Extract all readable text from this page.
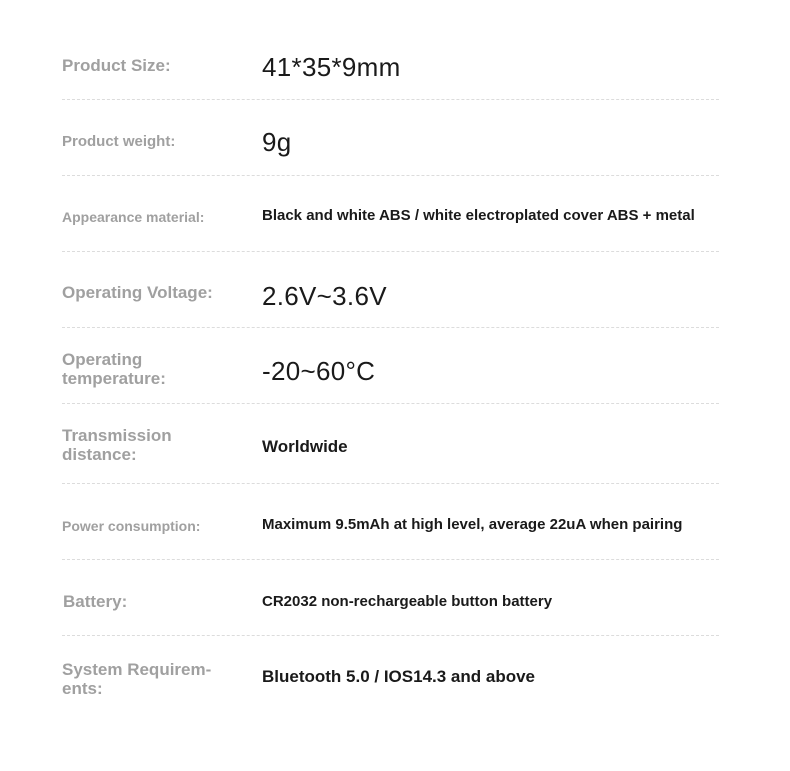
Product Size:	41*35*9mm
Product weight:	9g
Appearance material:	Black and white ABS / white electroplated cover ABS + metal
Operating Voltage:	2.6V~3.6V
Operating
temperature:	-20~60°C
Transmission
distance:	Worldwide
Power consumption:	Maximum 9.5mAh at high level, average 22uA when pairing
Battery:	CR2032 non-rechargeable button battery
System Requirem-
ents:
Bluetooth 5.0 / IOS14.3 and above
